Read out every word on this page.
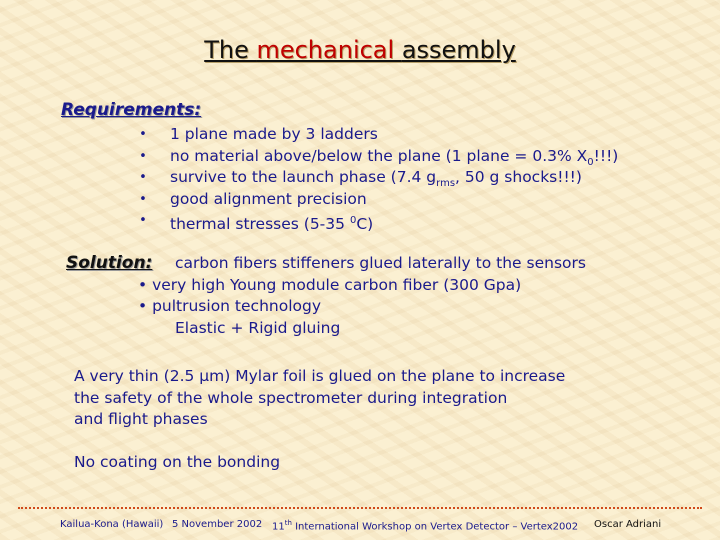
The mechanical assembly
Requirements:
• 1 plane made by 3 ladders
• no material above/below the plane (1 plane = 0.3% $X_0$!!!)
• survive to the launch phase (7.4 $g_{rms}$, 50 g shocks!!!)
• good alignment precision
• thermal stresses (5-35 $^0$C)
Solution: carbon fibers stiffeners glued laterally to the sensors
• very high Young module carbon fiber (300 Gpa)
• pultrusion technology
Elastic + Rigid gluing
A very thin (2.5 μm) Mylar foil is glued on the plane to increase
the safety of the whole spectrometer during integration
and flight phases
No coating on the bonding
Kailua-Kona (Hawaii) 5 November 2002 11th International Workshop on Vertex Detector – Vertex2002 Oscar Adriani
